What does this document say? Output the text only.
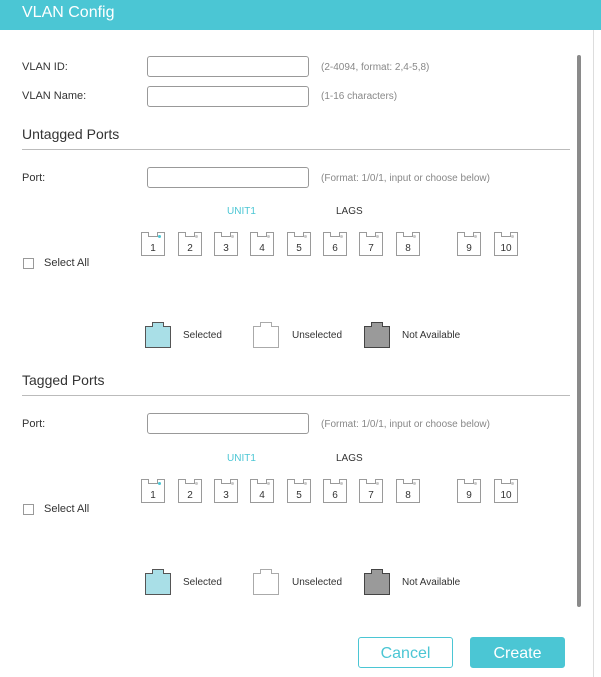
VLAN Config
VLAN ID:	(2-4094, format: 2,4-5,8)
VLAN Name:	(1-16 characters)
Untagged Ports
Port:	(Format: 1/0/1, input or choose below)
UNIT1	LAGS
1	2	3	4	5	6	7	8	9	10
Select All
Selected	Unselected	Not Available
Tagged Ports
Port:	(Format: 1/0/1, input or choose below)
UNIT1	LAGS
1	2	3	4	5	6	7	8	9	10
Select All
Selected	Unselected	Not Available
Cancel	Create
